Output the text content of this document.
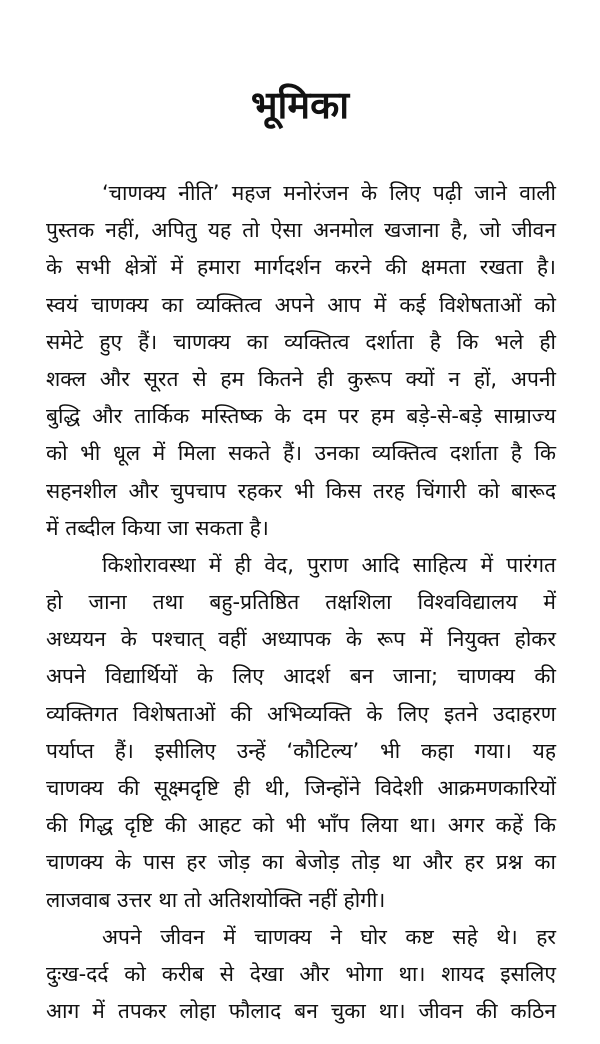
भूमिका
‘चाणक्य नीति’ महज मनोरंजन के लिए पढ़ी जाने वाली
पुस्तक नहीं, अपितु यह तो ऐसा अनमोल खजाना है, जो जीवन
के सभी क्षेत्रों में हमारा मार्गदर्शन करने की क्षमता रखता है।
स्वयं चाणक्य का व्यक्तित्व अपने आप में कई विशेषताओं को
समेटे हुए हैं। चाणक्य का व्यक्तित्व दर्शाता है कि भले ही
शक्ल और सूरत से हम कितने ही कुरूप क्यों न हों, अपनी
बुद्धि और तार्किक मस्तिष्क के दम पर हम बड़े-से-बड़े साम्राज्य
को भी धूल में मिला सकते हैं। उनका व्यक्तित्व दर्शाता है कि
सहनशील और चुपचाप रहकर भी किस तरह चिंगारी को बारूद
में तब्दील किया जा सकता है।
किशोरावस्था में ही वेद, पुराण आदि साहित्य में पारंगत
हो जाना तथा बहु-प्रतिष्ठित तक्षशिला विश्वविद्यालय में
अध्ययन के पश्चात् वहीं अध्यापक के रूप में नियुक्त होकर
अपने विद्यार्थियों के लिए आदर्श बन जाना; चाणक्य की
व्यक्तिगत विशेषताओं की अभिव्यक्ति के लिए इतने उदाहरण
पर्याप्त हैं। इसीलिए उन्हें ‘कौटिल्य’ भी कहा गया। यह
चाणक्य की सूक्ष्मदृष्टि ही थी, जिन्होंने विदेशी आक्रमणकारियों
की गिद्ध दृष्टि की आहट को भी भाँप लिया था। अगर कहें कि
चाणक्य के पास हर जोड़ का बेजोड़ तोड़ था और हर प्रश्न का
लाजवाब उत्तर था तो अतिशयोक्ति नहीं होगी।
अपने जीवन में चाणक्य ने घोर कष्ट सहे थे। हर
दुःख-दर्द को करीब से देखा और भोगा था। शायद इसलिए
आग में तपकर लोहा फौलाद बन चुका था। जीवन की कठिन
